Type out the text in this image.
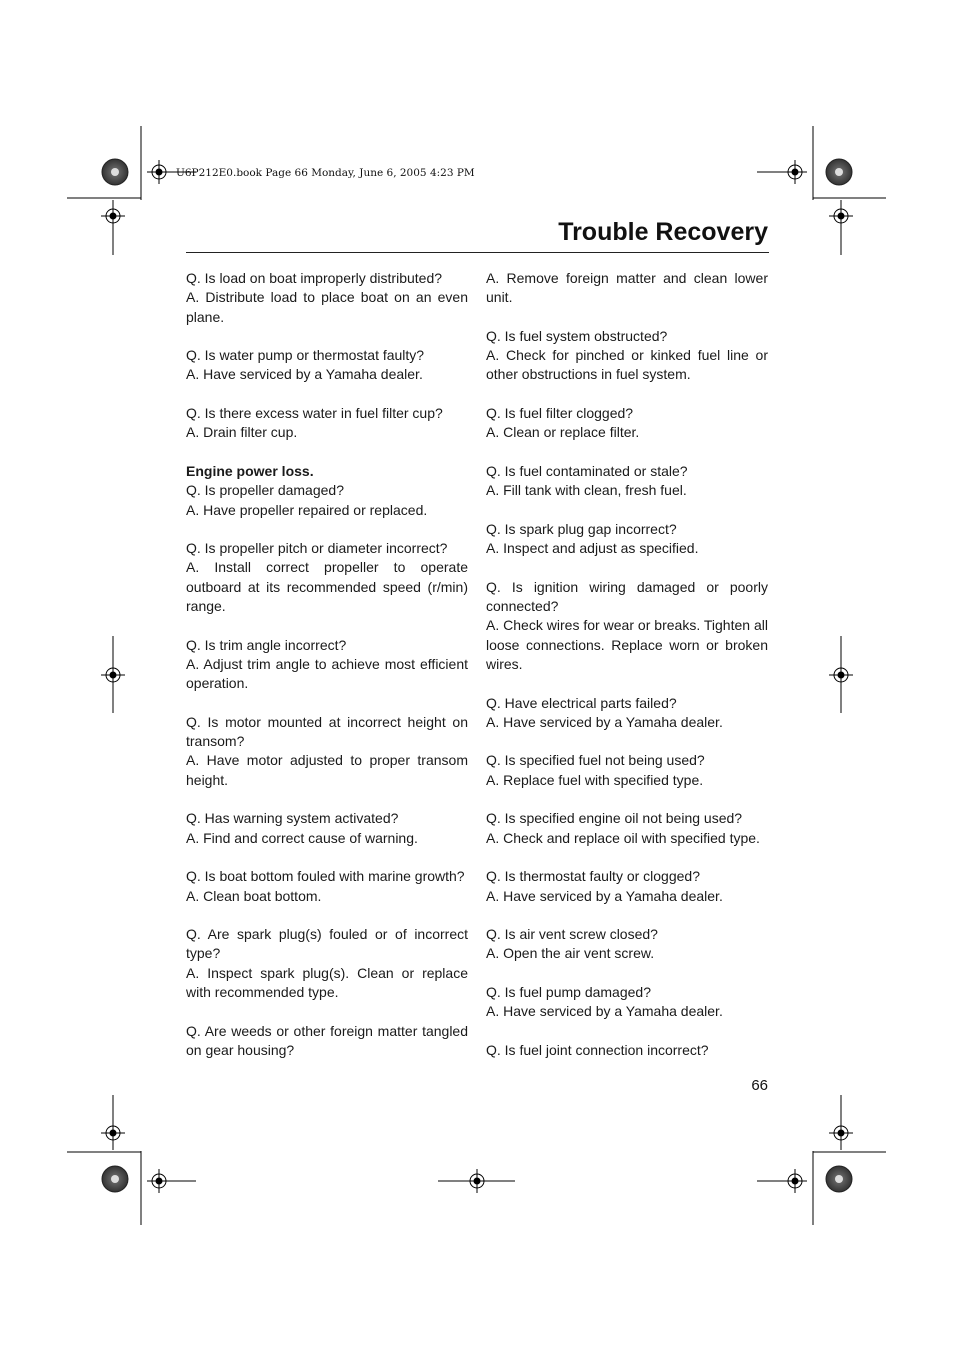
U6P212E0.book Page 66 Monday, June 6, 2005 4:23 PM
Trouble Recovery
Q. Is load on boat improperly distributed?
A. Distribute load to place boat on an even plane.
Q. Is water pump or thermostat faulty?
A. Have serviced by a Yamaha dealer.
Q. Is there excess water in fuel filter cup?
A. Drain filter cup.
Engine power loss.
Q. Is propeller damaged?
A. Have propeller repaired or replaced.
Q. Is propeller pitch or diameter incorrect?
A. Install correct propeller to operate outboard at its recommended speed (r/min) range.
Q. Is trim angle incorrect?
A. Adjust trim angle to achieve most efficient operation.
Q. Is motor mounted at incorrect height on transom?
A. Have motor adjusted to proper transom height.
Q. Has warning system activated?
A. Find and correct cause of warning.
Q. Is boat bottom fouled with marine growth?
A. Clean boat bottom.
Q. Are spark plug(s) fouled or of incorrect type?
A. Inspect spark plug(s). Clean or replace with recommended type.
Q. Are weeds or other foreign matter tangled on gear housing?
A. Remove foreign matter and clean lower unit.
Q. Is fuel system obstructed?
A. Check for pinched or kinked fuel line or other obstructions in fuel system.
Q. Is fuel filter clogged?
A. Clean or replace filter.
Q. Is fuel contaminated or stale?
A. Fill tank with clean, fresh fuel.
Q. Is spark plug gap incorrect?
A. Inspect and adjust as specified.
Q. Is ignition wiring damaged or poorly connected?
A. Check wires for wear or breaks. Tighten all loose connections. Replace worn or broken wires.
Q. Have electrical parts failed?
A. Have serviced by a Yamaha dealer.
Q. Is specified fuel not being used?
A. Replace fuel with specified type.
Q. Is specified engine oil not being used?
A. Check and replace oil with specified type.
Q. Is thermostat faulty or clogged?
A. Have serviced by a Yamaha dealer.
Q. Is air vent screw closed?
A. Open the air vent screw.
Q. Is fuel pump damaged?
A. Have serviced by a Yamaha dealer.
Q. Is fuel joint connection incorrect?
66
